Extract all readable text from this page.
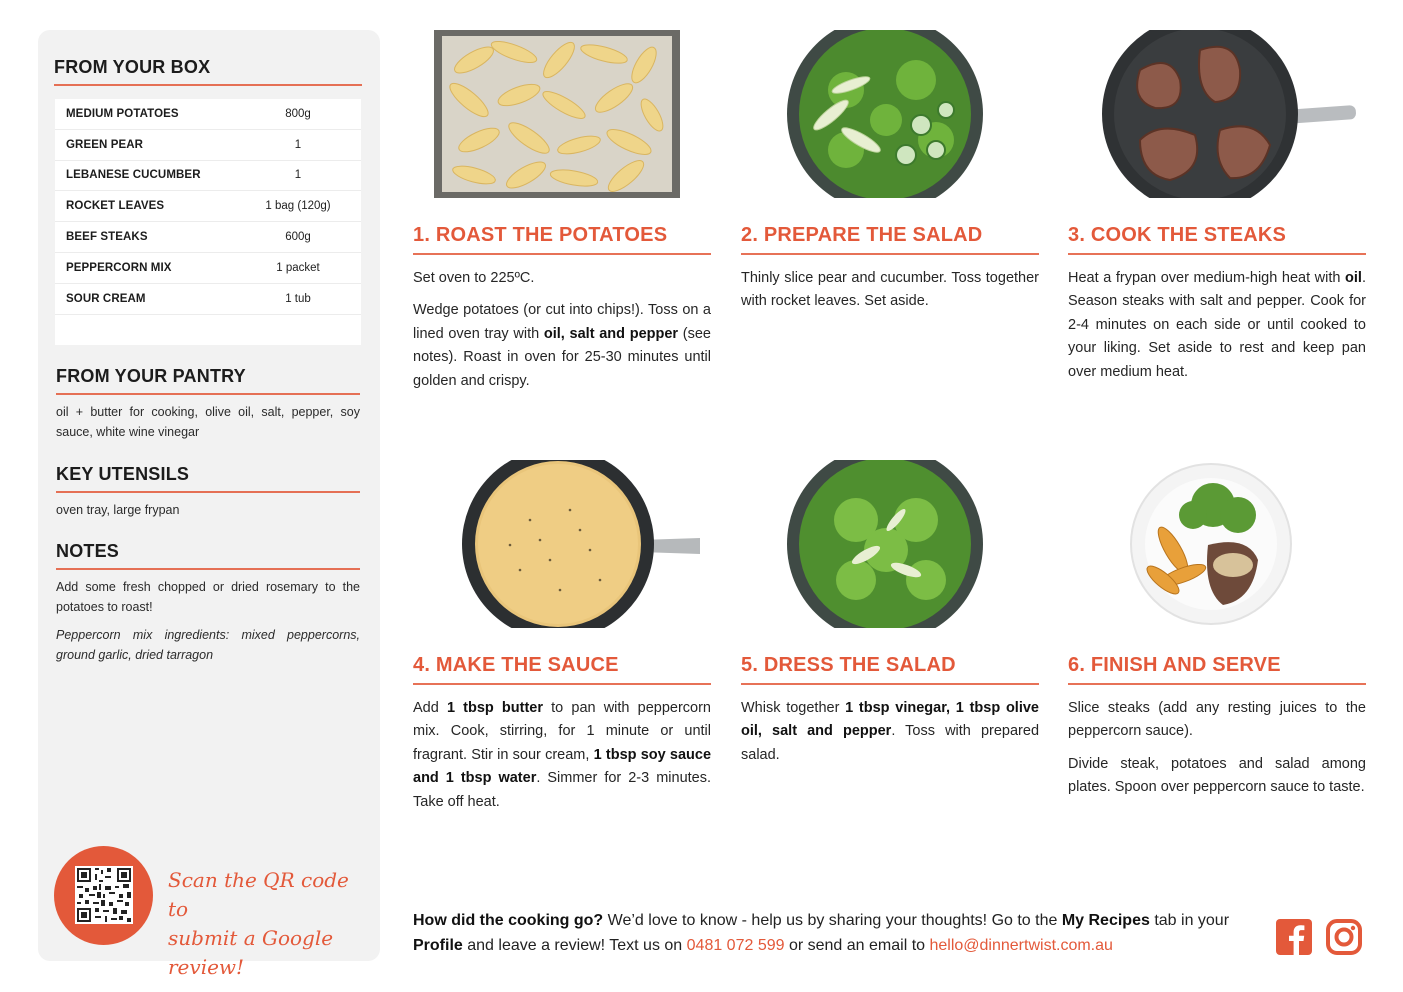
FROM YOUR BOX
MEDIUM POTATOES	800g
GREEN PEAR	1
LEBANESE CUCUMBER	1
ROCKET LEAVES	1 bag (120g)
BEEF STEAKS	600g
PEPPERCORN MIX	1 packet
SOUR CREAM	1 tub
FROM YOUR PANTRY
oil + butter for cooking, olive oil, salt, pepper, soy sauce, white wine vinegar
KEY UTENSILS
oven tray, large frypan
NOTES
Add some fresh chopped or dried rosemary to the potatoes to roast!
Peppercorn mix ingredients: mixed peppercorns, ground garlic, dried tarragon
Scan the QR code to
submit a Google review!
1. ROAST THE POTATOES

Set oven to 225ºC.

Wedge potatoes (or cut into chips!). Toss on a lined oven tray with oil, salt and pepper (see notes). Roast in oven for 25-30 minutes until golden and crispy.

2. PREPARE THE SALAD

Thinly slice pear and cucumber. Toss together with rocket leaves. Set aside.

3. COOK THE STEAKS

Heat a frypan over medium-high heat with oil. Season steaks with salt and pepper. Cook for 2-4 minutes on each side or until cooked to your liking. Set aside to rest and keep pan over medium heat.

4. MAKE THE SAUCE

Add 1 tbsp butter to pan with peppercorn mix. Cook, stirring, for 1 minute or until fragrant. Stir in sour cream, 1 tbsp soy sauce and 1 tbsp water. Simmer for 2-3 minutes. Take off heat.

5. DRESS THE SALAD

Whisk together 1 tbsp vinegar, 1 tbsp olive oil, salt and pepper. Toss with prepared salad.

6. FINISH AND SERVE

Slice steaks (add any resting juices to the peppercorn sauce).

Divide steak, potatoes and salad among plates. Spoon over peppercorn sauce to taste.

How did the cooking go? We’d love to know - help us by sharing your thoughts! Go to the My Recipes tab in your Profile and leave a review! Text us on 0481 072 599 or send an email to hello@dinnertwist.com.au
